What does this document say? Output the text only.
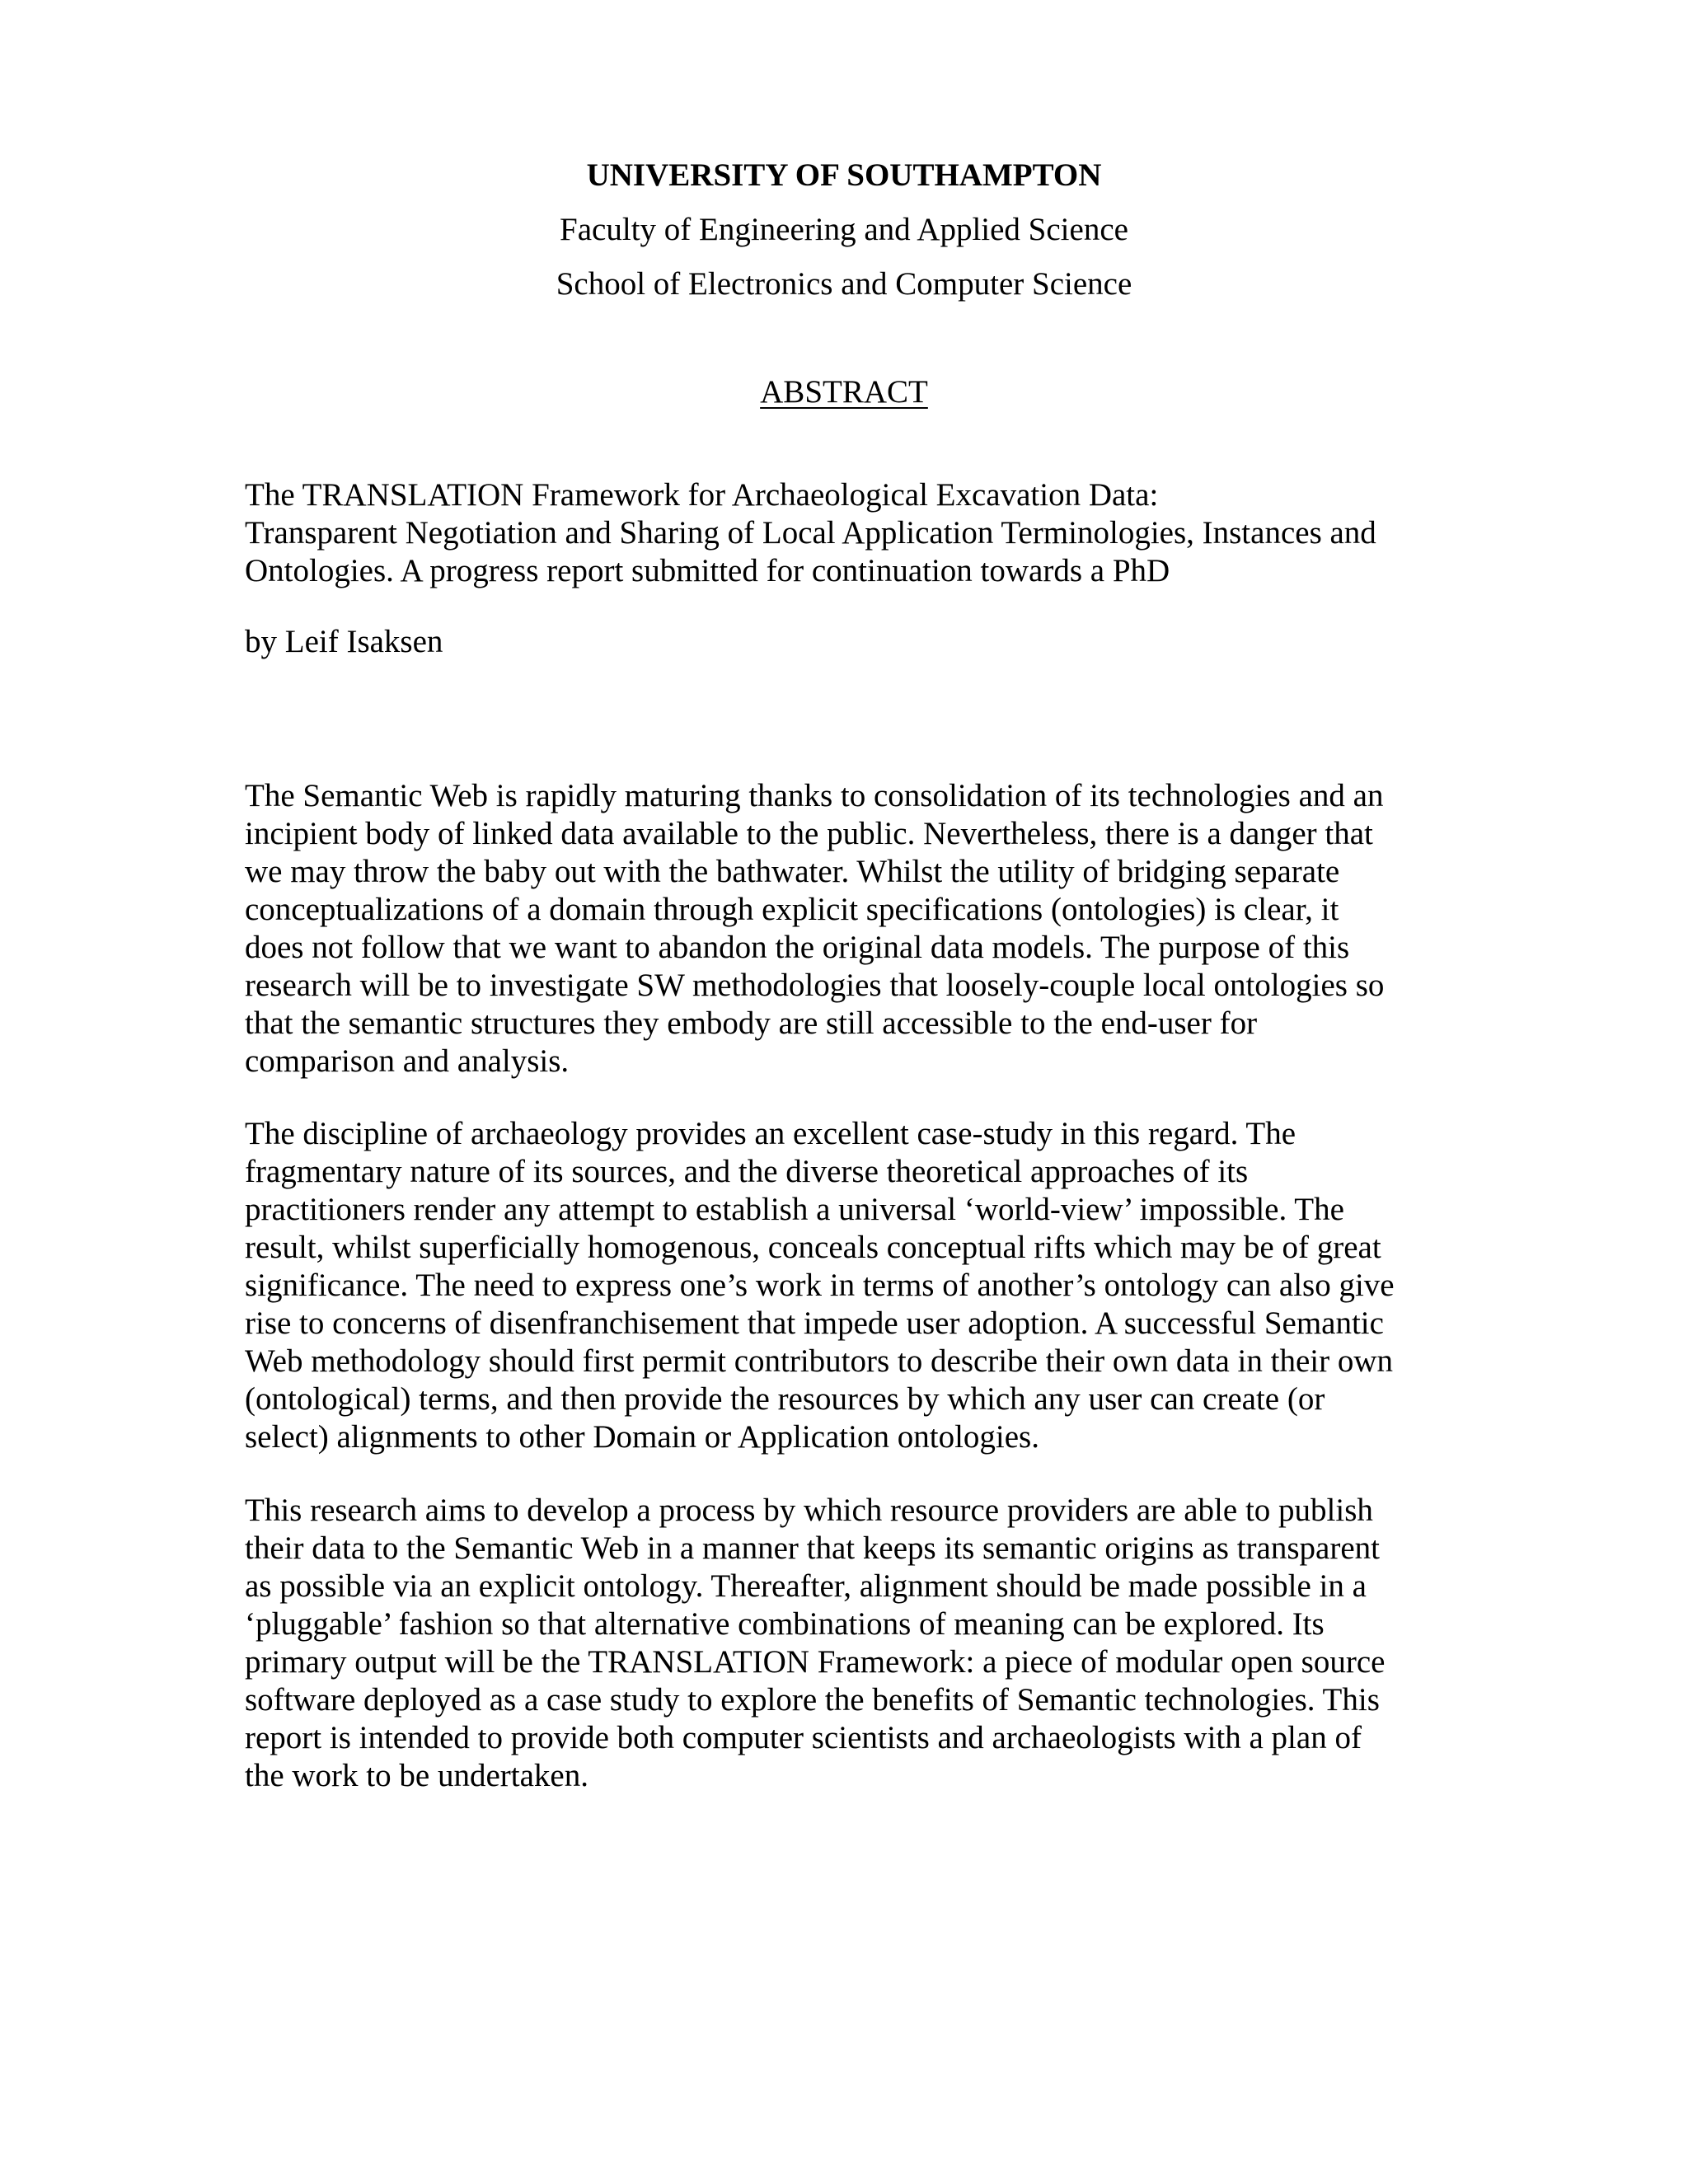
UNIVERSITY OF SOUTHAMPTON
Faculty of Engineering and Applied Science
School of Electronics and Computer Science
ABSTRACT
The TRANSLATION Framework for Archaeological Excavation Data:
Transparent Negotiation and Sharing of Local Application Terminologies, Instances and
Ontologies. A progress report submitted for continuation towards a PhD
by Leif Isaksen
The Semantic Web is rapidly maturing thanks to consolidation of its technologies and an
incipient body of linked data available to the public. Nevertheless, there is a danger that
we may throw the baby out with the bathwater. Whilst the utility of bridging separate
conceptualizations of a domain through explicit specifications (ontologies) is clear, it
does not follow that we want to abandon the original data models. The purpose of this
research will be to investigate SW methodologies that loosely-couple local ontologies so
that the semantic structures they embody are still accessible to the end-user for
comparison and analysis.
The discipline of archaeology provides an excellent case-study in this regard. The
fragmentary nature of its sources, and the diverse theoretical approaches of its
practitioners render any attempt to establish a universal ‘world-view’ impossible. The
result, whilst superficially homogenous, conceals conceptual rifts which may be of great
significance. The need to express one’s work in terms of another’s ontology can also give
rise to concerns of disenfranchisement that impede user adoption. A successful Semantic
Web methodology should first permit contributors to describe their own data in their own
(ontological) terms, and then provide the resources by which any user can create (or
select) alignments to other Domain or Application ontologies.
This research aims to develop a process by which resource providers are able to publish
their data to the Semantic Web in a manner that keeps its semantic origins as transparent
as possible via an explicit ontology. Thereafter, alignment should be made possible in a
‘pluggable’ fashion so that alternative combinations of meaning can be explored. Its
primary output will be the TRANSLATION Framework: a piece of modular open source
software deployed as a case study to explore the benefits of Semantic technologies. This
report is intended to provide both computer scientists and archaeologists with a plan of
the work to be undertaken.
